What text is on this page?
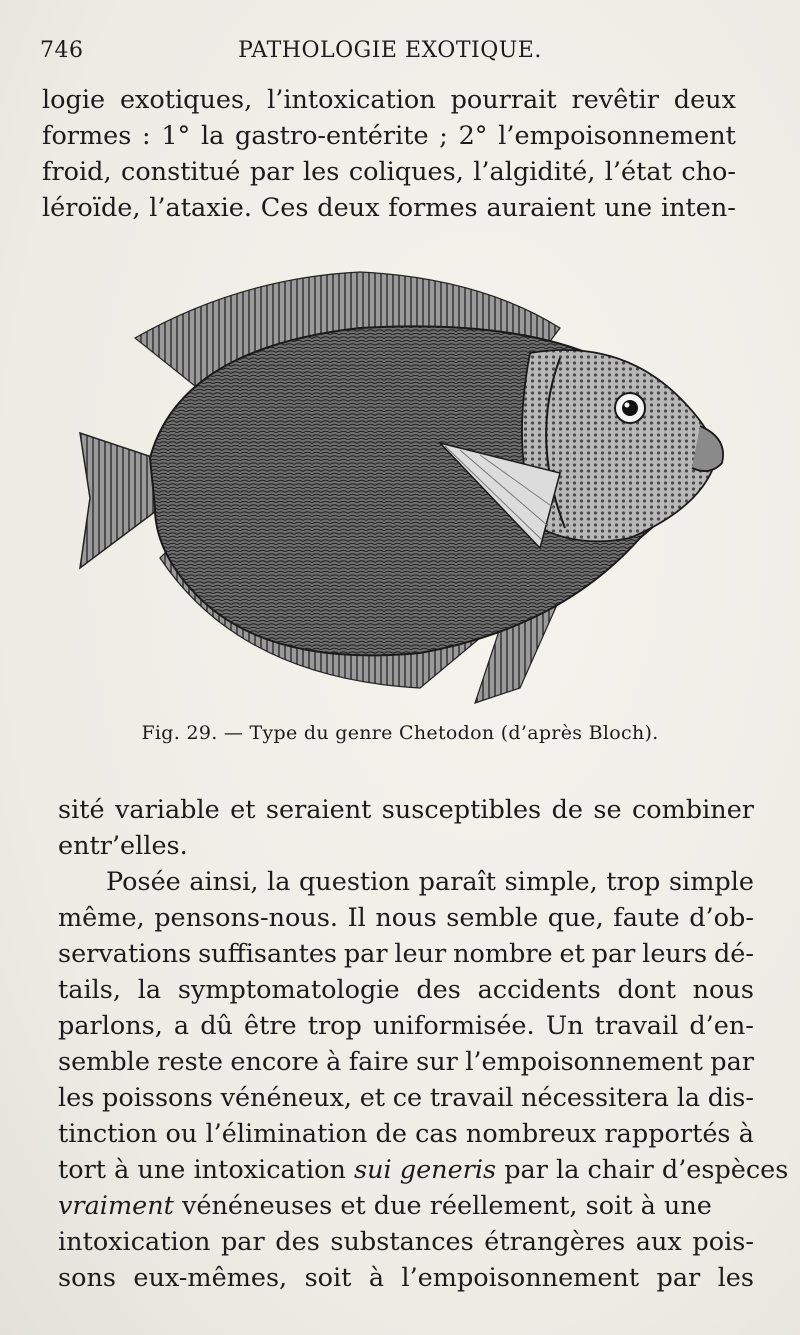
746	PATHOLOGIE EXOTIQUE.
logie exotiques, l’intoxication pourrait revêtir deux
formes : 1° la gastro-entérite ; 2° l’empoisonnement
froid, constitué par les coliques, l’algidité, l’état cho-
léroïde, l’ataxie. Ces deux formes auraient une inten-
Fig. 29. — Type du genre Chetodon (d’après Bloch).
sité variable et seraient susceptibles de se combiner
entr’elles.
Posée ainsi, la question paraît simple, trop simple
même, pensons-nous. Il nous semble que, faute d’ob-
servations suffisantes par leur nombre et par leurs dé-
tails, la symptomatologie des accidents dont nous
parlons, a dû être trop uniformisée. Un travail d’en-
semble reste encore à faire sur l’empoisonnement par
les poissons vénéneux, et ce travail nécessitera la dis-
tinction ou l’élimination de cas nombreux rapportés à
tort à une intoxication sui generis par la chair d’espèces
vraiment vénéneuses et due réellement, soit à une
intoxication par des substances étrangères aux pois-
sons eux-mêmes, soit à l’empoisonnement par les
